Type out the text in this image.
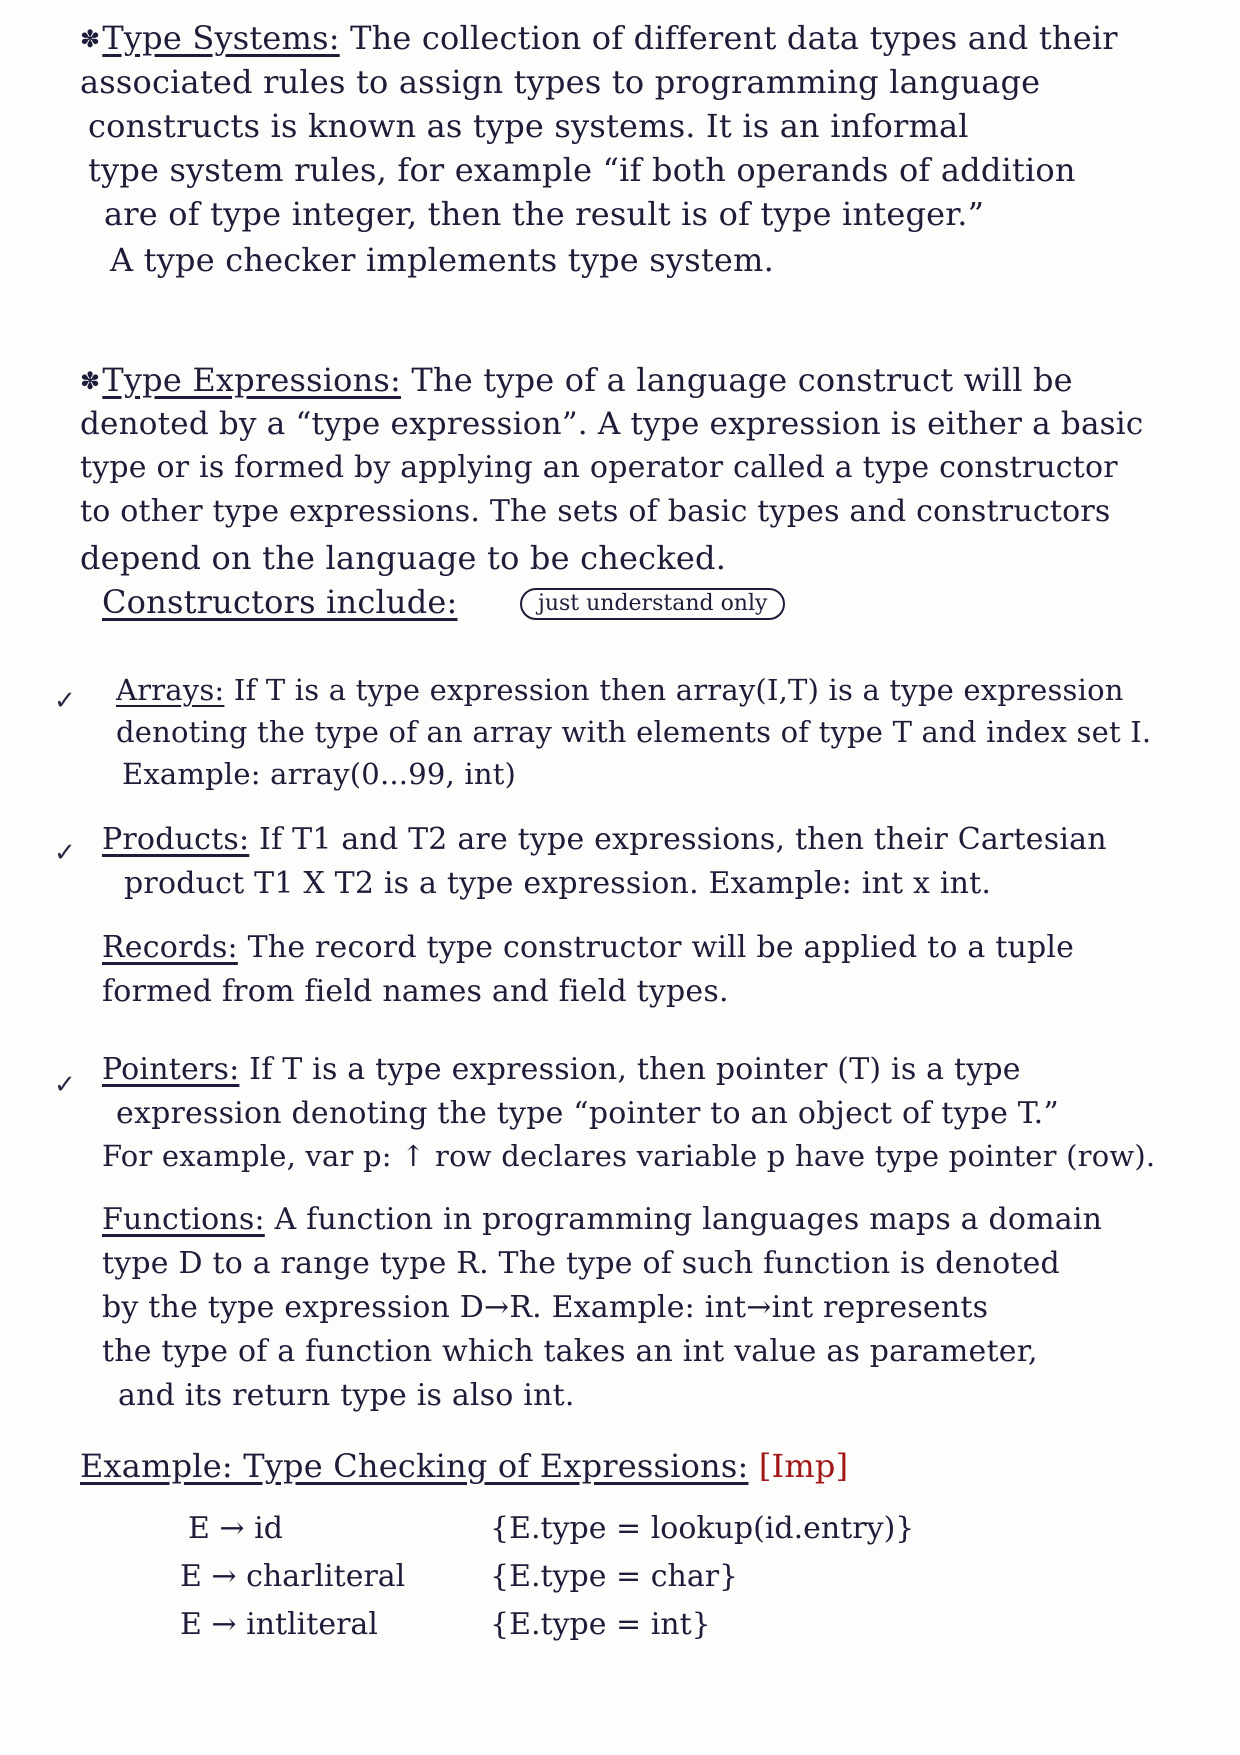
✽Type Systems: The collection of different data types and their
associated rules to assign types to programming language
constructs is known as type systems. It is an informal
type system rules, for example “if both operands of addition
are of type integer, then the result is of type integer.”
A type checker implements type system.
✽Type Expressions: The type of a language construct will be
denoted by a “type expression”. A type expression is either a basic
type or is formed by applying an operator called a type constructor
to other type expressions. The sets of basic types and constructors
depend on the language to be checked.
Constructors include:	just understand only
✓ Arrays: If T is a type expression then array(I,T) is a type expression
denoting the type of an array with elements of type T and index set I.
Example: array(0...99, int)
✓ Products: If T1 and T2 are type expressions, then their Cartesian
product T1 X T2 is a type expression. Example: int x int.
Records: The record type constructor will be applied to a tuple
formed from field names and field types.
✓ Pointers: If T is a type expression, then pointer (T) is a type
expression denoting the type “pointer to an object of type T.”
For example, var p: ↑ row declares variable p have type pointer (row).
Functions: A function in programming languages maps a domain
type D to a range type R. The type of such function is denoted
by the type expression D→R. Example: int→int represents
the type of a function which takes an int value as parameter,
and its return type is also int.
Example: Type Checking of Expressions: [Imp]
E → id	{E.type = lookup(id.entry)}
E → charliteral	{E.type = char}
E → intliteral	{E.type = int}
